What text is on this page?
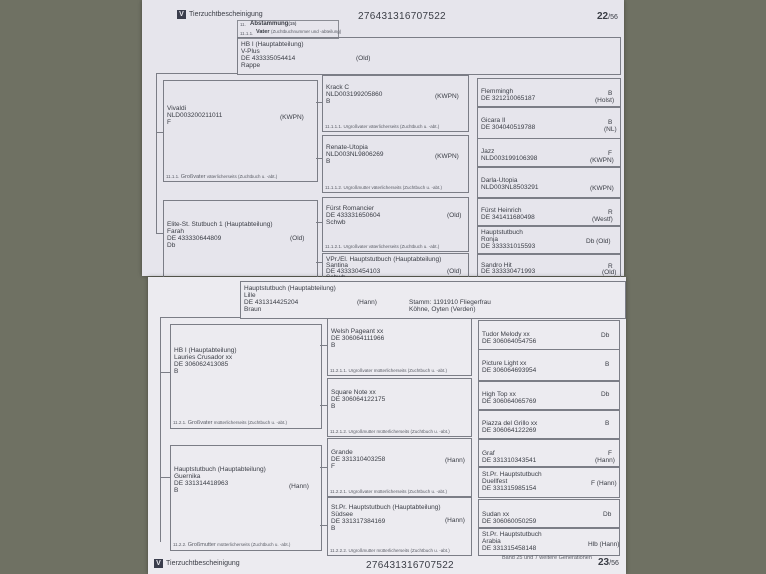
V Tierzuchtbescheinigung	276431316707522	22/56
11. Abstammung(15)
11.1.1. Vater (Zuchtbuchnummer und -abteilung)
HB I (Hauptabteilung)
V-Plus
DE 433335054414	(Old)
Rappe
Vivaldi
NLD003200211011
F
(KWPN)
11.1.1. Großvater väterlicherseits (Zuchtbuch u. -abt.)
Elite-St. Stutbuch 1 (Hauptabteilung)
Farah
DE 433330644809	(Old)
Db
Krack C
NLD003199205860
B
(KWPN)
11.1.1.1. Urgroßvater väterlicherseits (Zuchtbuch u. -abt.)
Renate-Utopia
NLD003NL9806269
B
(KWPN)
11.1.1.2. Urgroßmutter väterlicherseits (Zuchtbuch u. -abt.)
Fürst Romancier
DE 433331650604
Schwb
(Old)
11.1.2.1. Urgroßvater väterlicherseits (Zuchtbuch u. -abt.)
VPr./El. Hauptstutbuch (Hauptabteilung)
Santina
DE 433330454103	(Old)
Flemmingh
DE 321210065187
B
(Holst)
Gicara II
DE 304040519788
B
(NL)
Jazz
NLD003199106398
F
(KWPN)
Darla-Utopia
NLD003NL8503291	(KWPN)
Fürst Heinrich
DE 341411680498
R
(Westf)
Hauptstutbuch
Ronja
DE 333331015593
Db (Old)
Sandro Hit
DE 333330471993
R
(Old)
Hauptstutbuch (Hauptabteilung)
Lille
DE 431314425204	(Hann)
Braun
Stamm: 1191910 Fliegerfrau
Köhne, Oyten (Verden)
HB I (Hauptabteilung)
Lauries Crusador xx
DE 306062413085
B
11.2.1. Großvater mütterlicherseits (Zuchtbuch u. -abt.)
Hauptstutbuch (Hauptabteilung)
Guernika
DE 331314418963	(Hann)
B
11.2.2. Großmutter mütterlicherseits (Zuchtbuch u. -abt.)
Welsh Pageant xx
DE 306064111966
B
11.2.1.1. Urgroßvater mütterlicherseits (Zuchtbuch u. -abt.)
Square Note xx
DE 306064122175
B
11.2.1.2. Urgroßmutter mütterlicherseits (Zuchtbuch u. -abt.)
Grande
DE 331310403258
F
(Hann)
11.2.2.1. Urgroßvater mütterlicherseits (Zuchtbuch u. -abt.)
St.Pr. Hauptstutbuch (Hauptabteilung)
Südsee
DE 331317384169	(Hann)
B
11.2.2.2. Urgroßmutter mütterlicherseits (Zuchtbuch u. -abt.)
Tudor Melody xx
DE 306064054756
Db
Picture Light xx
DE 306064693954
B
High Top xx
DE 306064065769
Db
Piazza del Grillo xx
DE 306064122269
B
Graf
DE 331310343541
F
(Hann)
St.Pr. Hauptstutbuch
Duellfest
DE 331315985154
F (Hann)
Sudan xx
DE 306060050259
Db
St.Pr. Hauptstutbuch
Arabia
DE 331315458148
Hlb (Hann)
Band 25 und 7 weitere Generationen
V Tierzuchtbescheinigung	276431316707522	23/56
